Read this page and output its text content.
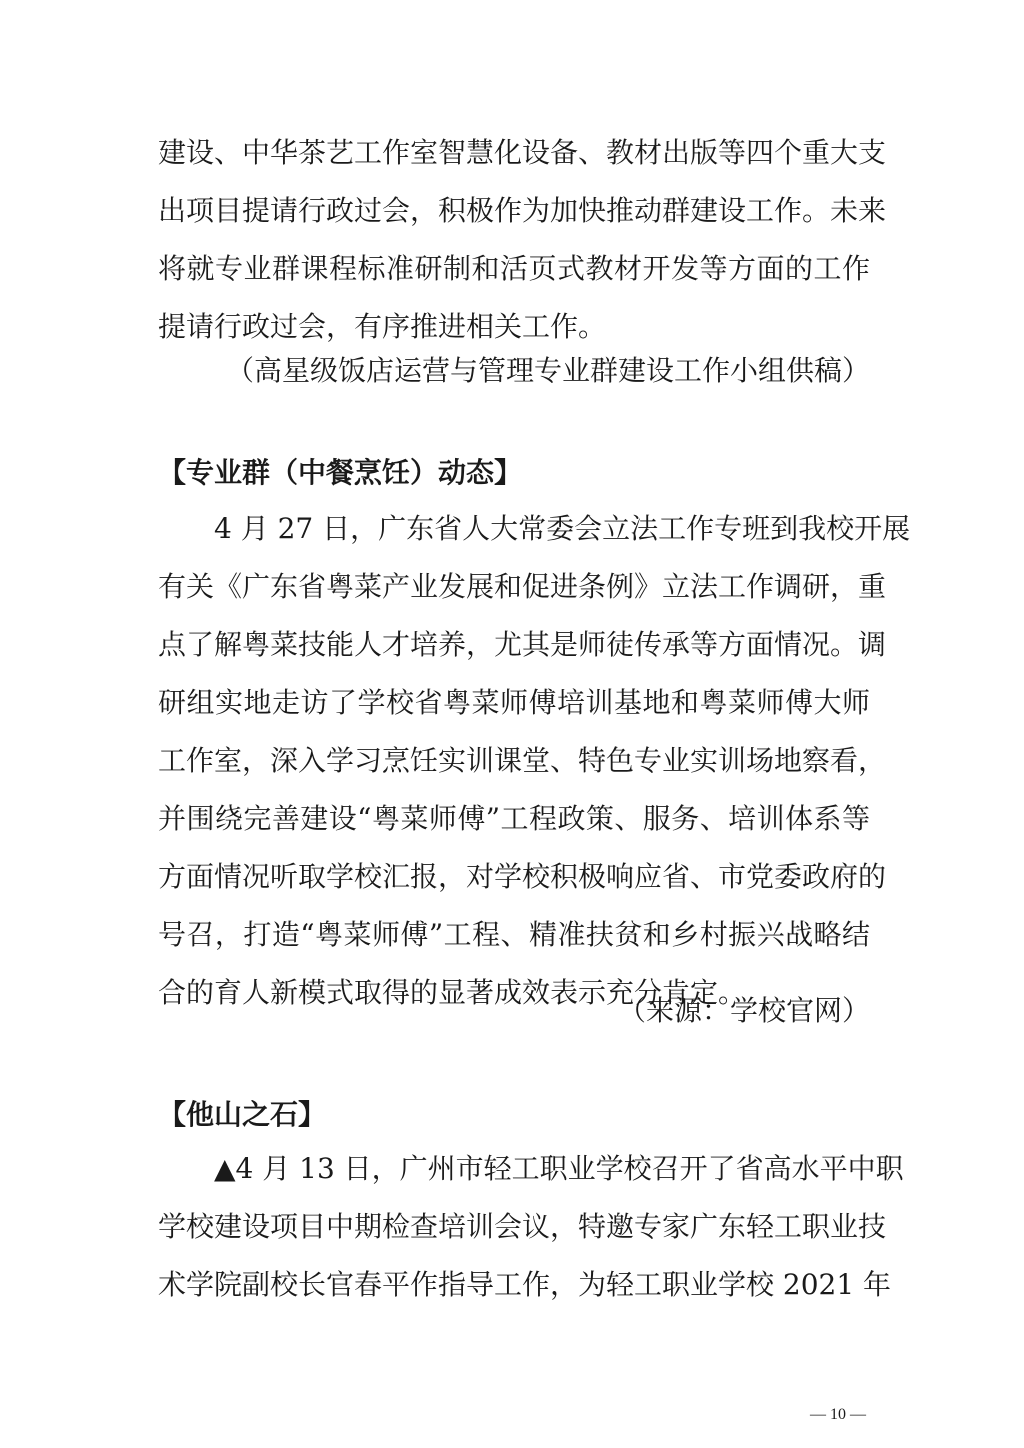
建设、中华茶艺工作室智慧化设备、教材出版等四个重大支
出项目提请行政过会，积极作为加快推动群建设工作。未来
将就专业群课程标准研制和活页式教材开发等方面的工作
提请行政过会，有序推进相关工作。
（高星级饭店运营与管理专业群建设工作小组供稿）
【专业群（中餐烹饪）动态】
4 月 27 日，广东省人大常委会立法工作专班到我校开展
有关《广东省粤菜产业发展和促进条例》立法工作调研，重
点了解粤菜技能人才培养，尤其是师徒传承等方面情况。调
研组实地走访了学校省粤菜师傅培训基地和粤菜师傅大师
工作室，深入学习烹饪实训课堂、特色专业实训场地察看，
并围绕完善建设“粤菜师傅”工程政策、服务、培训体系等
方面情况听取学校汇报，对学校积极响应省、市党委政府的
号召，打造“粤菜师傅”工程、精准扶贫和乡村振兴战略结
合的育人新模式取得的显著成效表示充分肯定。
（来源：学校官网）
【他山之石】
▲4 月 13 日，广州市轻工职业学校召开了省高水平中职
学校建设项目中期检查培训会议，特邀专家广东轻工职业技
术学院副校长官春平作指导工作，为轻工职业学校 2021 年
— 10 —
